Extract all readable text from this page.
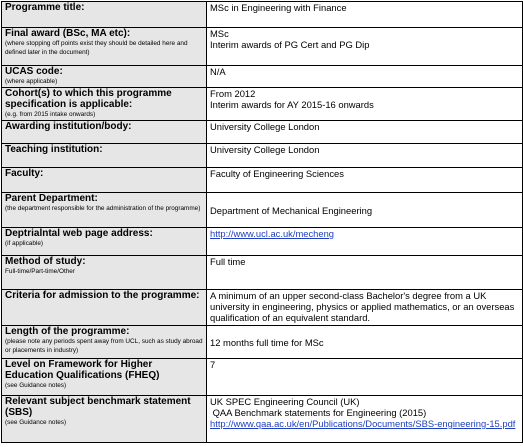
Programme title:	MSc in Engineering with Finance

Final award (BSc, MA etc):
(where stopping off points exist they should be detailed here and defined later in the document)	MSc
Interim awards of PG Cert and PG Dip

UCAS code:
(where applicable)	N/A

Cohort(s) to which this programme specification is applicable:
(e.g. from 2015 intake onwards)	From 2012
Interim awards for AY 2015-16 onwards

Awarding institution/body:	University College London

Teaching institution:	University College London

Faculty:	Faculty of Engineering Sciences

Parent Department:
(the department responsible for the administration of the programme)	Department of Mechanical Engineering

Deptrialntal web page address:
(if applicable)	http://www.ucl.ac.uk/mecheng

Method of study:
Full-time/Part-time/Other	Full time

Criteria for admission to the programme:	A minimum of an upper second-class Bachelor's degree from a UK university in engineering, physics or applied mathematics, or an overseas qualification of an equivalent standard.

Length of the programme:
(please note any periods spent away from UCL, such as study abroad or placements in industry)	12 months full time for MSc

Level on Framework for Higher Education Qualifications (FHEQ)
(see Guidance notes)	7

Relevant subject benchmark statement (SBS)
(see Guidance notes)	UK SPEC Engineering Council (UK)
QAA Benchmark statements for Engineering (2015)
http://www.qaa.ac.uk/en/Publications/Documents/SBS-engineering-15.pdf
